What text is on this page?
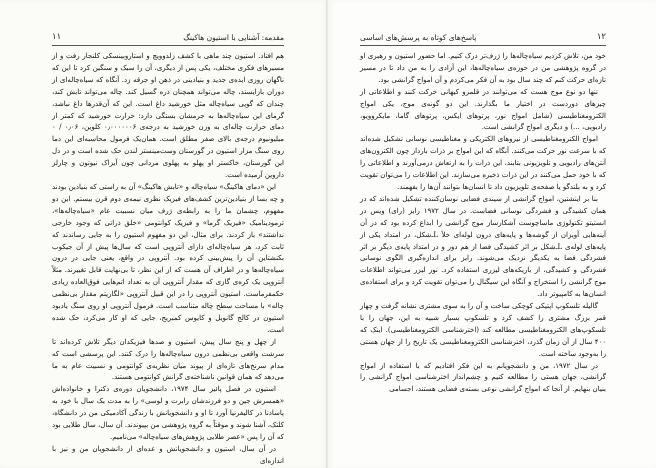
مقدمه: آشنایی با استیون هاکینگ
۱۱

هم افتاد. استیون چند ماهی با کشف زلدوویچ و استاروبینسکی کلنجار رفت و از مسیرهای فکری مختلف، یکی پس از دیگری، آن را سبک و سنگین کرد تا این که ناگهان روزی ایده‌ی جدید و بنیادینی در ذهن او جرقه زد. آنگاه که سیاه‌چاله‌ای از دوران بازایستد، چاله می‌تواند همچنان ذره گسیل کند. چاله می‌تواند تابش کند، چندان که گویی سیاه‌چاله مثل خورشید داغ است. این که آن‌قدرها داغ نباشد، گرمای این سیاه‌چاله‌ها به جرمشان بستگی دارد: حرارت خورشید که کمتر از دمای حرارت چاله‌ای به وزن خورشید به درجه‌ی ۰٫۰۰۰۰۰۰۶ کلوین، ۰٫۰۶ / ۰ میلیونیوم درجه‌ی بالای صفر مطلق است. همان‌یک فرمول محاسبه‌ای این دما روی سنگ مزار استیون در گورستان وست‌مینستر لندن حک شده است و در دل این گورستان، خاکستر او پهلو به پهلوی مردانی چون آیزاک نیوتون و چارلز داروین آرمیده است.

این «دمای هاکینگ» سیاه‌چاله و «تابش هاکینگ» آن به راستی که بنیادین بودند و چه بسا از بنیادین‌ترین کشف‌های فیزیک نظری نیمه‌ی دوم قرن بیستم. این دو مفهوم، چشمان ما را به رابطه‌ی ژرف میان نسبیت عام «سیاه‌چاله‌ها»، ترمودینامیک «فیزیک گرما» و فیزیک کوانتومی «خلق ذراتی که وجود خارجی نداشتند» باز کردند. برای مثال، این دو مفهوم استیون را به جایی رساندند که ثابت کرد، هر سیاه‌چاله‌ای دارای آنتروپی است که سال‌ها پیش از آن جیکوب بکنشتاین آن را پیش‌بینی کرده بود. آنتروپی در واقع، یعنی جایی در درون سیاه‌چاله‌ها و در اطراف آن هست که از این نظر، تا بی‌نهایت قابل تغییرند. مثلاً آنتروپی یک کره‌ی گازی که مقدار آنتروپی آن به تعداد اتم‌هایی فوق‌العاده زیادی حکمفرماست. استیون آنتروپی را در این قبیل آنتروپی «لگاریتم مقدار بی‌نظمی چاله» با مساحت سطح چاله متناسب است. فرمول آنتروپی او روی سنگ یادبود استیون در کالج گانویل و کایوس کمبریج، جایی که او کار می‌کرد، حک شده است.

از چهل و پنج سال پیش، استیون و صدها فیزیکدان دیگر تلاش کرده‌اند تا سرشت واقعی بی‌نظمی درون سیاه‌چاله‌ها را درک کنند. این پرسشی است که مدام سرنخ‌های تازه‌ای از پیوند میان نظریه‌ی کوانتومی و نسبیت عام به ما می‌دهد که همان قوانین ناشناخته‌ی گرانش کوانتومی هستند.

استیون در فصل پائیز سال ۱۹۷۴، دانشجویان دوره‌ی دکترا و خانواده‌اش «همسرش جین و دو فرزندشان رابرت و لوسی» را به مدت یک سال با خود به پاسادنا در کالیفرنیا آورد تا او و دانشجویانش با زندگی آکادمیکی من در دانشگاه، کلتک، آشنا شوند و موقتاً به گروه پژوهشی من بپیوندند. آن سال، سال طلایی بود که آن را پس «عصر طلایی پژوهش‌های سیاه‌چاله» می‌نامیم.

در آن سال، استیون و دانشجویانش و عده‌ای از دانشجویان من و نیز با اندازه‌ای

۱۲
پاسخ‌های کوتاه به پرسش‌های اساسی

خود من، تلاش کردیم سیاه‌چاله‌ها را ژرف‌تر درک کنیم. اما حضور استیون و رهبری او در گروه پژوهشی من در حوزه‌ی سیاه‌چاله‌ها، این آزادی را به من داد تا در مسیر تازه‌ای حرکت کنم که چند سال بود به آن فکر می‌کردم و آن امواج گرانشی بود.

تنها دو نوع موج هست که می‌توانند در قلمرو کیهانی حرکت کنند و اطلاعاتی از چیزهای دوردست در اختیار ما بگذارند. این دو گونه‌ی موج، یکی امواج الکترومغناطیسی (شامل امواج نور، پرتوهای ایکس، پرتوهای گاما، مایکروویو، رادیویی، ...) و دیگری امواج گرانشی است.

امواج الکترومغناطیسی از نیروهای الکتریکی و مغناطیسی نوسانی تشکیل شده‌اند که با سرعت نور حرکت می‌کنند. آنگاه که این امواج بر ذرات باردار چون الکترون‌های آنتن‌های رادیویی و تلویزیونی بتابند، این ذرات را به ارتعاش درمی‌آورند و اطلاعاتی را که با خود حمل می‌کنند در این ذرات ذخیره می‌سازند. این اطلاعات را می‌توان تقویت کرد و به بلندگو یا صفحه‌ی تلویزیون داد تا انسان‌ها بتوانند آن‌ها را بفهمند.

بنا بر اینشتین، امواج گرانشی از سیندی فضایی نوسان‌کننده تشکیل شده‌اند که در همان کشیدگی و فشردگی نوسانی فضاست. در سال ۱۹۷۲ رایز (رای) ویس در انستیتو تکنولوژی ماساچوست آشکارساز موج گرانشی را ابداع کرده بود که در آن آینه‌هایی آویزان از گوشه‌ها و پایه‌های درون لوله‌ای خلأ L‌ـ‌شکل، در امتداد یکی از پایه‌های لوله‌ی L‌ـ‌شکل بر اثر کشیدگی فضا از هم دور و در امتداد پایه‌ی دیگر بر اثر فشردگی فضا به یکدیگر نزدیک می‌شوند. رایز برای اندازه‌گیری الگوی نوسانی فشردگی و کشیدگی، از باریکه‌های لیزری استفاده کرد. نور لیزر می‌تواند اطلاعات موج گرانشی را استخراج و آنگاه این سیگنال را می‌توان تقویت کرد و برای استفاده‌ی انسان‌ها به کامپیوتر داد.

گالیله تلسکوپ اپتیکی کوچکی ساخت و آن را به سوی مشتری نشانه گرفت و چهار قمر بزرگ مشتری را کشف کرد و تلسکوپ بسیار شبیه به این، جهان را با تلسکوپ‌های الکترومغناطیسی مطالعه کند (اخترشناسی الکترومغناطیسی). اینک که ۴۰۰ سال از آن زمان گذرد، اخترشناسی الکترومغناطیسی یک تاریخ را از جهان هستی را به‌وجود ساخته است.

در سال ۱۹۷۲، من و دانشجویانم به این فکر افتادیم که با استفاده از امواج گرانشی، جهان هستی را مطالعه کنیم و چشم‌انداز اخترشناسی امواج گرانشی را بنیان بنهایم. از آنجا که امواج گرانشی نوعی بسته‌ی فضایی هستند، اجسامی
